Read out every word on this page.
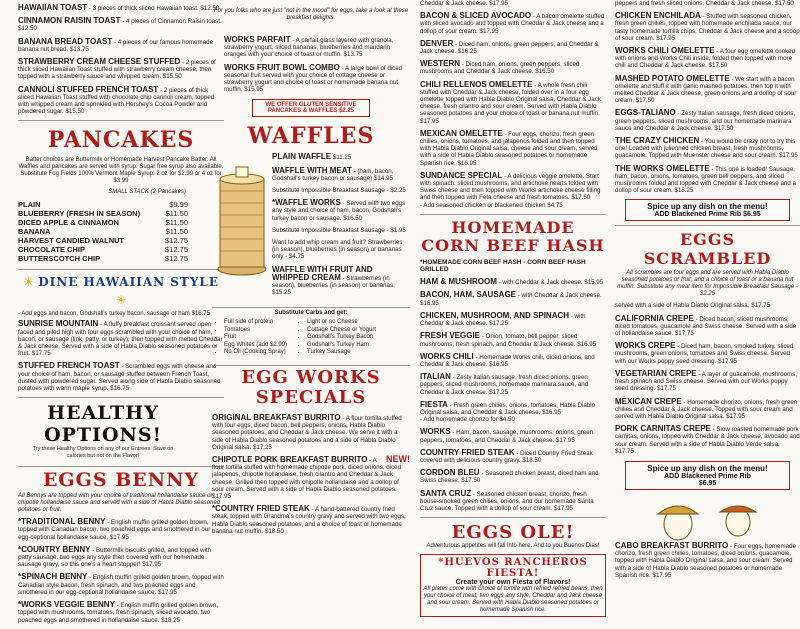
HAWAIIAN TOAST - 3 pieces of thick sliced Hawaiian toast. $12.50
CINNAMON RAISIN TOAST - 4 pieces of Cinnamon Raisin toast. $12.50
BANANA BREAD TOAST - 4 pieces of our famous homemade banana nut bread. $13.75
STRAWBERRY CREAM CHEESE STUFFED - 2 pieces of thick sliced Hawaiian Toast stuffed with strawberry cream cheese, then topped with a strawberry sauce and whipped cream. $15.50
CANNOLI STUFFED FRENCH TOAST - 2 pieces of thick sliced Hawaiian Toast stuffed with chocolate chip cannoli cream, topped with whipped cream and sprinkled with Hershey's Cocoa Powder and powdered sugar. $15.50
PANCAKES
Batter choices are Buttermilk or Homemade Harvest Pancake Batter. All Waffles and pancakes are served with syrup. Sugar free syrup also available. Substitute Fog Fields 100% Vermont Maple Syrup: 2 oz for $2.99 or 4 oz for $3.99
SMALL STACK (2 Pancakes)
PLAIN	$9.99
BLUEBERRY (FRESH IN SEASON)	$11.50
DICED APPLE & CINNAMON	$11.50
BANANA	$11.50
HARVEST CANDIED WALNUT	$12.75
CHOCOLATE CHIP	$12.75
BUTTERSCOTCH CHIP	$12.75
☀ DINE HAWAIIAN STYLE ☀
- Add eggs and bacon, Godshall's turkey bacon, sausage or ham $16.75
SUNRISE MOUNTAIN - A fluffy breakfast croissant served open faced and piled high with four eggs scrambled with your choice of ham, bacon, or sausage (link, patty, or turkey), then topped with melted Cheddar & Jack cheese. Served with a side of Habla Diablo seasoned potatoes or fruit. $17.75
STUFFED FRENCH TOAST - Scrambled eggs with cheese and your choice of ham, bacon, or sausage stuffed between French Toast, dusted with powdered sugar. Served along side of Habla Diablo seasoned potatoes with warm maple syrup. $16.75
HEALTHY OPTIONS!
Try these Healthy Options on any of our Entrees. Save on calories but not on the Flavor!
EGGS BENNY
All Bennys are topped with your choice of traditional hollandaise sauce or chipotle hollandaise sauce and served with a side of Habla Diablo seasoned potatoes or fruit.
*TRADITIONAL BENNY - English muffin grilled golden brown, topped with Canadian bacon, two poached eggs and smothered in our egg-ceptional hollandaise sauce. $17.95
*COUNTRY BENNY - Buttermilk biscuits grilled, and topped with patty sausage, two eggs any style then covered with our homemade sausage gravy, so this one's a heart stopper! $17.95
*SPINACH BENNY - English muffin grilled golden brown, topped with Canadian style bacon, fresh spinach, and two poached eggs and smothered in our egg-ceptional hollandaise sauce. $17.95
*WORKS VEGGIE BENNY - English muffin grilled golden brown, topped with mushrooms, tomatoes, fresh spinach, sliced avocado, two poached eggs and smothered in hollandaise sauce. $18.25
For you folks who are just "not in the mood" for eggs, take a look at these breakfast delights.
WORKS PARFAIT - A parfait glass layered with granola, strawberry yogurt, sliced bananas, blueberries and mandarin oranges with your choice of toast or muffin. $13.75
WORKS FRUIT BOWL COMBO - A large bowl of diced seasonal fruit served with your choice of cottage cheese or strawberry yogurt and choice of toast or homemade banana nut muffin. $15.95
WE OFFER GLUTEN SENSITIVE PANCAKES & WAFFLES $2.25
WAFFLES
PLAIN WAFFLE $11.25
WAFFLE WITH MEAT - (ham, bacon, Godshall's turkey bacon or sausage) $14.95
Substitute Impossible Breakfast Sausage - $2.25
*WAFFLE WORKS - Served with two eggs any style and choice of ham, bacon, Godshall's turkey bacon or sausage. $16.50
Substitute Impossible Breakfast Sausage - $1.95
Want to add whip cream and fruit? Strawberries (in season), blueberries (in season) or bananas only - $4.75
WAFFLE WITH FRUIT AND WHIPPED CREAM - Strawberries (in season), blueberries (in season) or bananas. $15.25
Substitute Carbs and get:
• Full side of protein
• Tomatoes
• Fruit
• Egg Whites (add $2.99)
• No Oil (Cooking Spray)
• Light or no Cheese
• Cottage Cheese or Yogurt
• Godshall's Turkey Bacon
• Godshall's Turkey Ham
• Turkey Sausage
EGG WORKS SPECIALS
ORIGINAL BREAKFAST BURRITO - A flour tortilla stuffed with four eggs, diced bacon, bell peppers, onions, Habla Diablo seasoned potatoes, and Cheddar & Jack cheese. We serve it with a side of Habla Diablo seasoned potatoes and a side of Habla Diablo Original salsa. $17.25
CHIPOTLE PORK BREAKFAST BURRITO NEW!
- A flour tortilla stuffed with homemade chipotle pork, diced onions, diced jalapenos, chipotle hollandaise, fresh cilantro and Cheddar & Jack cheese. Grilled then topped with chipotle hollandaise and a dollop of sour cream. Served with a side of Habla Diablo seasoned potatoes. $17.95
*COUNTRY FRIED STEAK - A hand-battered country fried steak, topped with Grandma's country gravy and served with two eggs, Habla Diablo seasoned potatoes, and a choice of toast or homemade banana nut muffin. $18.50
Cheddar & Jack cheese. $17.95
BACON & SLICED AVOCADO - A bacon omelette stuffed with sliced avocado and topped with Cheddar & Jack cheese and a dollop of sour cream. $17.95
DENVER - Diced ham, onions, green peppers, and Cheddar & Jack cheese. $16.25
WESTERN - Diced ham, onions, green peppers, sliced mushrooms and Cheddar & Jack cheese. $16.50
CHILI RELLENOS OMELETTE - A whole fresh chili stuffed with Cheddar & Jack cheese, folded over in a four egg omelette topped with Habla Diablo Original salsa, Cheddar & Jack cheese, fresh cilantro and sour cream. Served with Habla Diablo seasoned potatoes and your choice of toast or banana nut muffin. $17.95
MEXICAN OMELETTE - Four eggs, chorizo, fresh green chilies, onions, tomatoes, and jalapenos folded and then topped with Habla Diablo Original salsa, cheese and sour cream, served with a side of Habla Diablo seasoned potatoes or homemade Spanish rice. $16.95
SUNDANCE SPECIAL - A delicious veggie omelette. Start with spinach, sliced mushrooms, and artichoke hearts folded with Swiss cheese and then topped with Works artichoke cheese filling and then topped with Feta cheese and fresh tomatoes. $17.50
- Add seasoned chicken or blackened chicken $4.75
HOMEMADE CORN BEEF HASH
*HOMEMADE CORN BEEF HASH - CORN BEEF HASH GRILLED
HAM & MUSHROOM - with Cheddar & Jack cheese. $15.95
BACON, HAM, SAUSAGE - with Cheddar & Jack cheese. $16.95
CHICKEN, MUSHROOM, AND SPINACH - with Cheddar & Jack cheese. $17.25
FRESH VEGGIE - Onion, tomato, bell pepper, sliced mushrooms, fresh spinach, and Cheddar & Jack cheese. $16.95
WORKS CHILI - Homemade Works chili, diced onions, and Cheddar & Jack cheese. $16.95
ITALIAN - Zesty Italian sausage, fresh diced onions, green peppers, sliced mushrooms, homemade marinara sauce, and Cheddar & Jack cheese. $17.25
FIESTA - Fresh green chilies, onions, tomatoes, Habla Diablo Original salsa, and Cheddar & Jack cheese. $16.95
- Add homemade chorizo for $4.50
WORKS - Ham, bacon, sausage, mushrooms, onions, green peppers, tomatoes, and Cheddar & Jack cheese. $17.95
COUNTRY FRIED STEAK - Diced Country Fried Steak covered with delicious country gravy. $18.50
CORDON BLEU - Seasoned chicken breast, diced ham and Swiss cheese. $17.50
SANTA CRUZ - Seasoned chicken breast, chorizo, fresh house-smoked green chilies, onions, and our homemade Santa Cruz sauce. Topped with a dollop of sour cream. $17.95
EGGS OLE!
Adventurous appetites will fall into here. And to you Buenos Dias!
*HUEVOS RANCHEROS FIESTA!
Create your own Fiesta of Flavors!
All plates come with choice of tortilla with refried refried beans, then your choice of meat, two eggs any style, Cheddar and Jack cheese and sour cream. Served with Habla Diablo seasoned potatoes or homemade Spanish rice.
peppers and fresh sliced onions, Cheddar & Jack cheese. $17.50
CHICKEN ENCHILADA - Stuffed with seasoned chicken, fresh green chilies, topped with homemade enchilada sauce, our tasty homemade tortilla chips, Cheddar & Jack cheese and a scoop of sour cream. $17.95
WORKS CHILI OMELETTE - A four egg omelette cooked with onions and Works Chili inside, folded then topped with more chili and Cheddar & Jack cheese. $17.50
MASHED POTATO OMELETTE - We start with a bacon omelette and stuff it with garlic mashed potatoes, then top it with melted Cheddar & Jack cheese, green onions and a dollop of sour cream. $17.50
EGGS-TALIANO - Zesty Italian sausage, fresh diced onions, green peppers, sliced mushrooms, and our homemade marinara sauce and Cheddar & Jack cheese. $17.50
THE CRAZY CHICKEN - You would be crazy not to try this one! Loaded with julienned chicken breast, fresh mushrooms, guacamole. Topped with Muenster cheese and sour cream. $17.95
THE WORKS OMELETTE - This one is loaded! Sausage, ham, bacon, onions, tomatoes, green bell peppers, and sliced mushrooms folded and topped with Cheddar & Jack cheese and a dollop of sour cream. $18.25
Spice up any dish on the menu!
ADD Blackened Prime Rib $6.95
EGGS SCRAMBLED
All scrambles are four eggs and are served with Habla Diablo seasoned potatoes or fruit, and a choice of toast or a banana nut muffin. Substitute any meat item for Impossible Breakfast Sausage - $2.25
served with a side of Habla Diablo Original salsa. $17.75
CALIFORNIA CREPE - Diced bacon, sliced mushrooms, diced tomatoes, guacamole and Swiss cheese. Served with a side of hollandaise sauce. $17.75
WORKS CREPE - Diced ham, bacon, smoked turkey, sliced mushrooms, green onions, tomatoes and Swiss cheese. Served with our Works poppy seed dressing. $17.95
VEGETARIAN CREPE - A layer of guacamole, mushrooms, fresh spinach and Swiss cheese. Served with our Works poppy seed dressing. $17.75
MEXICAN CREPE - Homemade chorizo, onions, fresh green chilies and Cheddar & Jack cheese. Topped with sour cream and served with Habla Diablo Original salsa. $17.95
PORK CARNITAS CREPE - Slow roasted homemade pork carnitas, onions, topped with Cheddar & Jack cheese, avocado and sour cream. Served with a side of Habla Diablo Verde salsa. $17.75
Spice up any dish on the menu!
ADD Blackened Prime Rib
$6.95
CABO BREAKFAST BURRITO - Four eggs, homemade chorizo, fresh green chilies, tomatoes, diced onions, guacamole, topped with Habla Diablo Original salsa, and sour cream. Served with a side of Habla Diablo seasoned potatoes or homemade Spanish rice. $17.95
